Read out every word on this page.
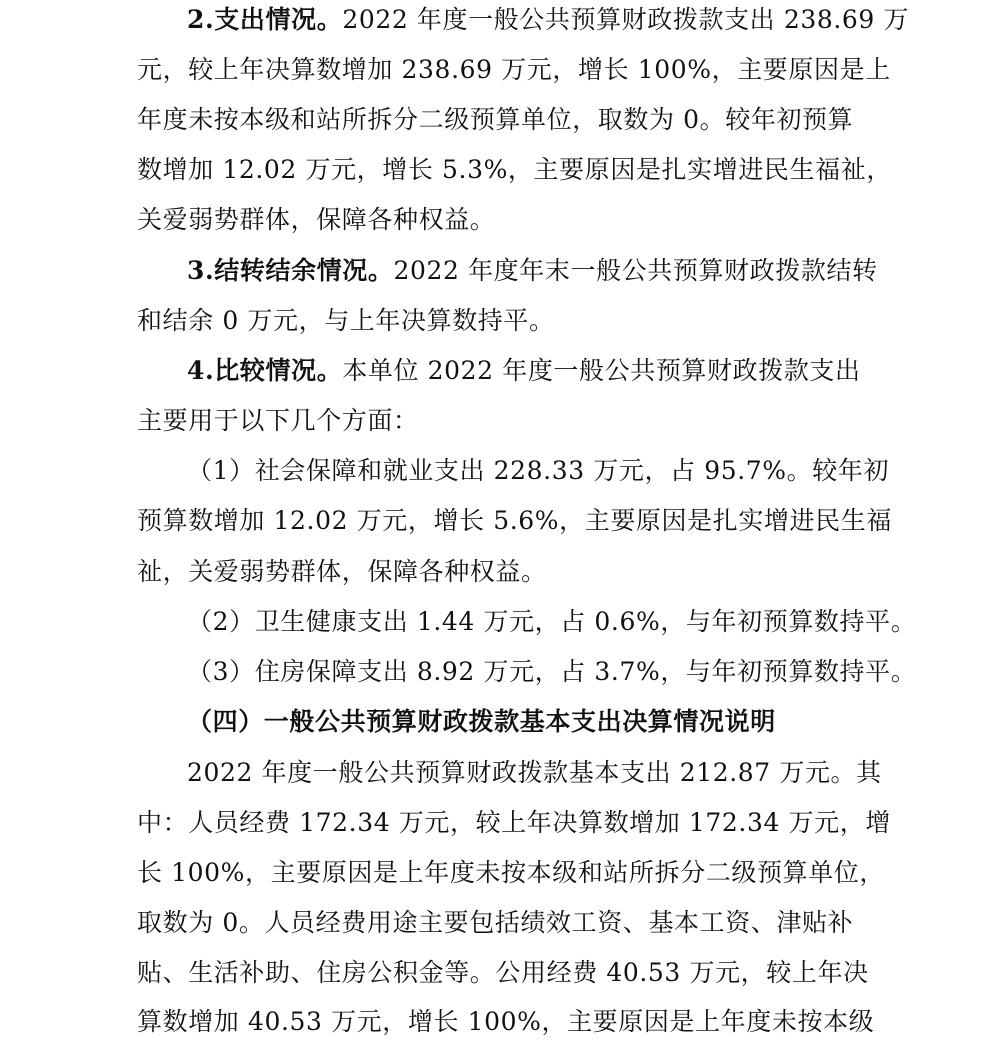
2.支出情况。2022 年度一般公共预算财政拨款支出 238.69 万
元，较上年决算数增加 238.69 万元，增长 100%，主要原因是上
年度未按本级和站所拆分二级预算单位，取数为 0。较年初预算
数增加 12.02 万元，增长 5.3%，主要原因是扎实增进民生福祉，
关爱弱势群体，保障各种权益。
3.结转结余情况。2022 年度年末一般公共预算财政拨款结转
和结余 0 万元，与上年决算数持平。
4.比较情况。本单位 2022 年度一般公共预算财政拨款支出
主要用于以下几个方面：
（1）社会保障和就业支出 228.33 万元，占 95.7%。较年初
预算数增加 12.02 万元，增长 5.6%，主要原因是扎实增进民生福
祉，关爱弱势群体，保障各种权益。
（2）卫生健康支出 1.44 万元，占 0.6%，与年初预算数持平。
（3）住房保障支出 8.92 万元，占 3.7%，与年初预算数持平。
（四）一般公共预算财政拨款基本支出决算情况说明
2022 年度一般公共预算财政拨款基本支出 212.87 万元。其
中：人员经费 172.34 万元，较上年决算数增加 172.34 万元，增
长 100%，主要原因是上年度未按本级和站所拆分二级预算单位，
取数为 0。人员经费用途主要包括绩效工资、基本工资、津贴补
贴、生活补助、住房公积金等。公用经费 40.53 万元，较上年决
算数增加 40.53 万元，增长 100%，主要原因是上年度未按本级
